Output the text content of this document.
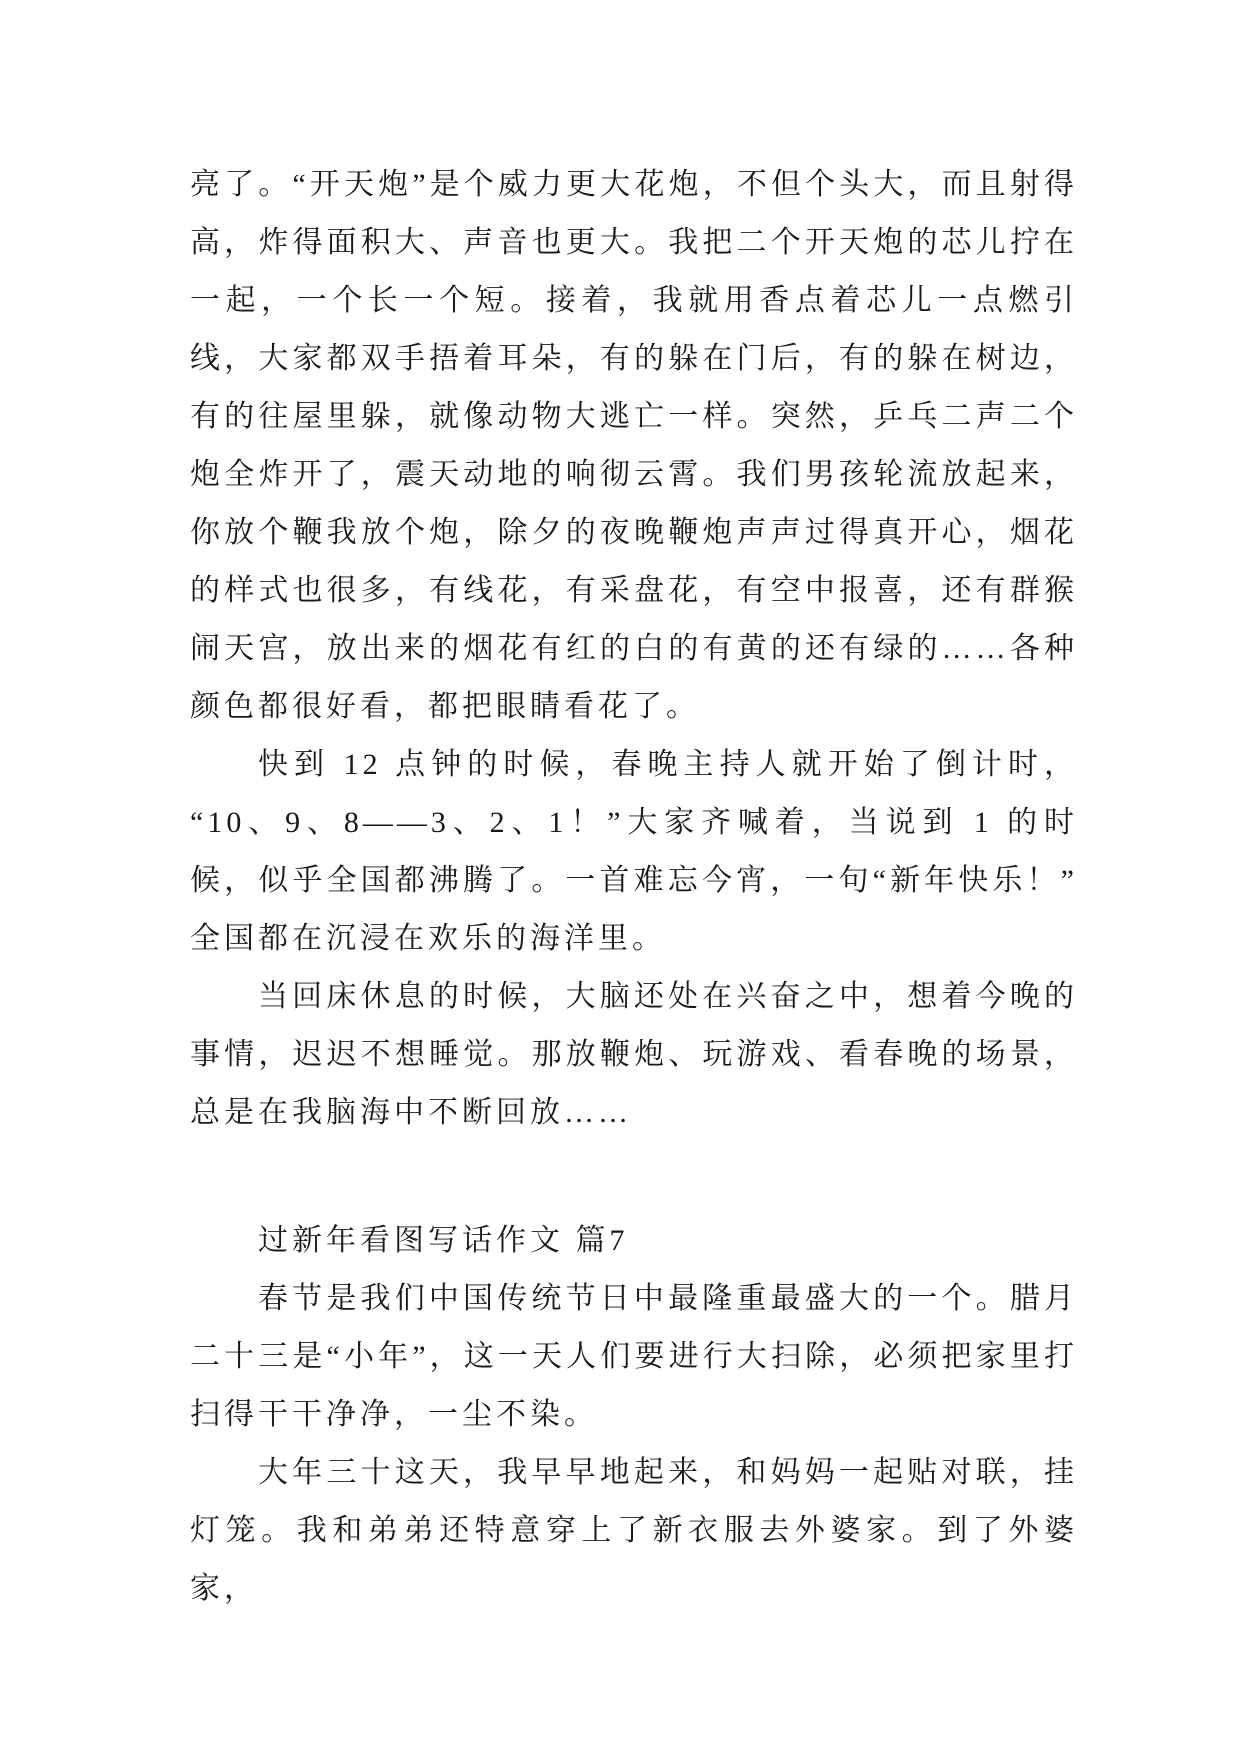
亮了。“开天炮”是个威力更大花炮，不但个头大，而且射得高，炸得面积大、声音也更大。我把二个开天炮的芯儿拧在一起，一个长一个短。接着，我就用香点着芯儿一点燃引线，大家都双手捂着耳朵，有的躲在门后，有的躲在树边，有的往屋里躲，就像动物大逃亡一样。突然，乒乓二声二个炮全炸开了，震天动地的响彻云霄。我们男孩轮流放起来，你放个鞭我放个炮，除夕的夜晚鞭炮声声过得真开心，烟花的样式也很多，有线花，有采盘花，有空中报喜，还有群猴闹天宫，放出来的烟花有红的白的有黄的还有绿的……各种颜色都很好看，都把眼睛看花了。

快到 12 点钟的时候，春晚主持人就开始了倒计时，“10、9、8——3、2、1！”大家齐喊着，当说到 1 的时候，似乎全国都沸腾了。一首难忘今宵，一句“新年快乐！”全国都在沉浸在欢乐的海洋里。

当回床休息的时候，大脑还处在兴奋之中，想着今晚的事情，迟迟不想睡觉。那放鞭炮、玩游戏、看春晚的场景，总是在我脑海中不断回放……

过新年看图写话作文 篇7

春节是我们中国传统节日中最隆重最盛大的一个。腊月二十三是“小年”，这一天人们要进行大扫除，必须把家里打扫得干干净净，一尘不染。

大年三十这天，我早早地起来，和妈妈一起贴对联，挂灯笼。我和弟弟还特意穿上了新衣服去外婆家。到了外婆家，
